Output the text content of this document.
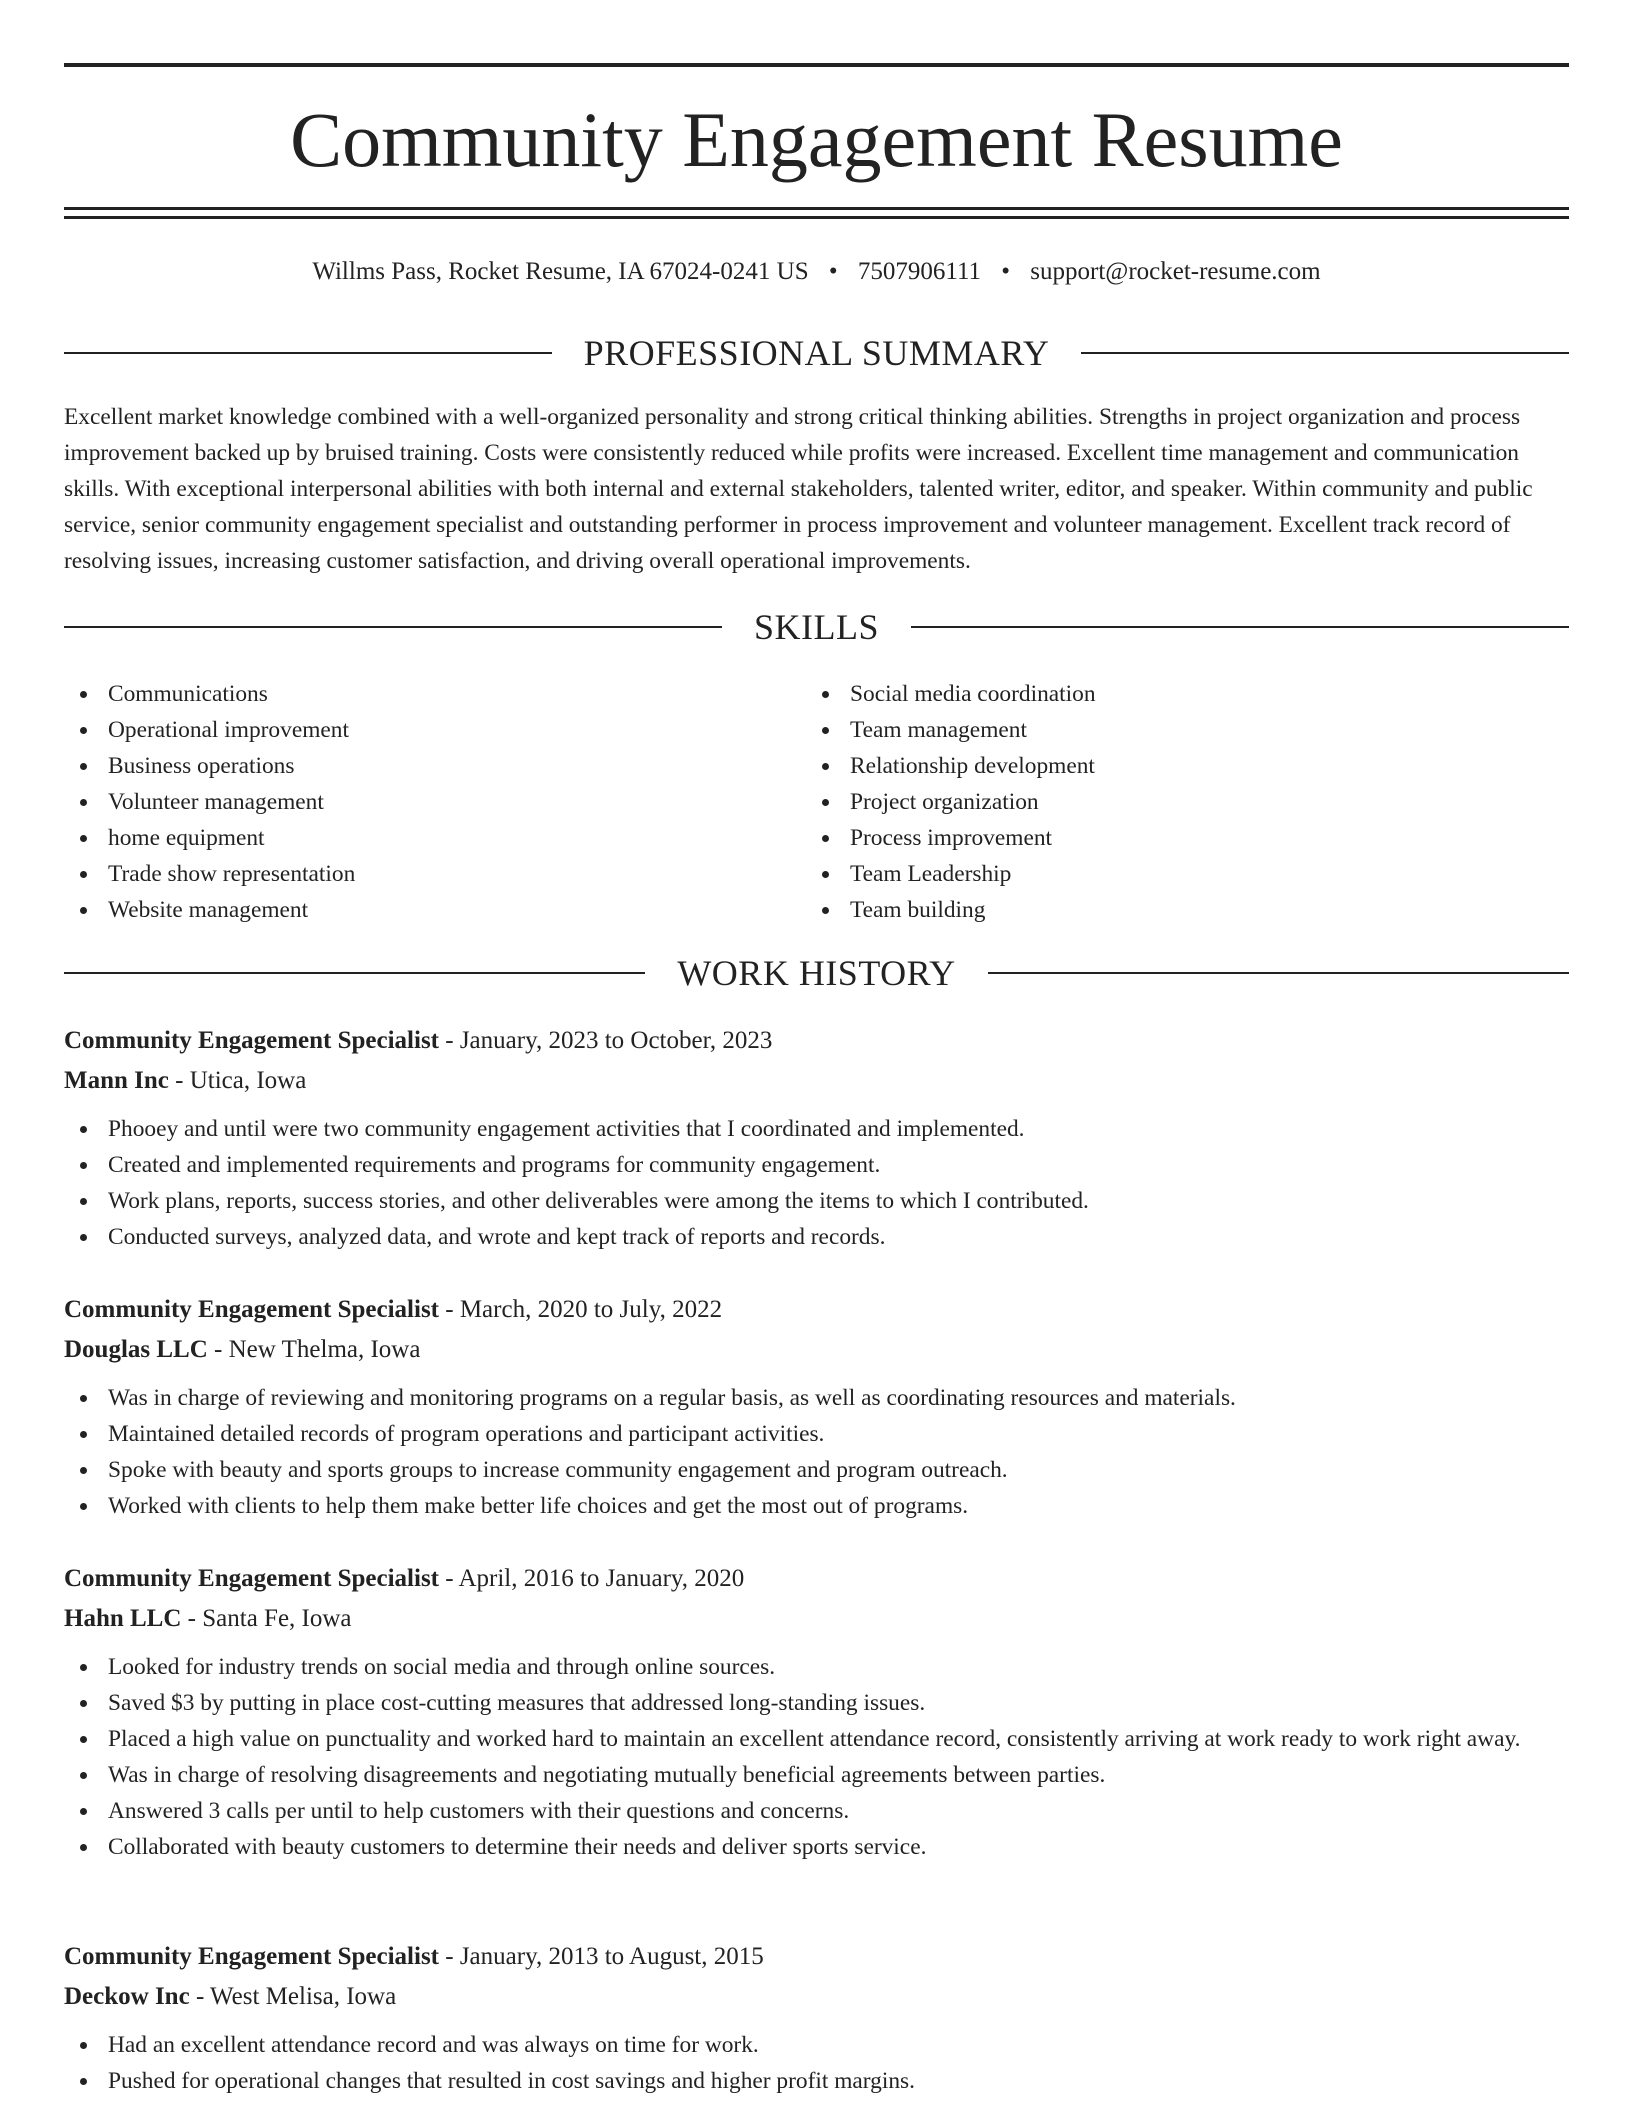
Community Engagement Resume
Willms Pass, Rocket Resume, IA 67024-0241 US • 7507906111 • support@rocket-resume.com
PROFESSIONAL SUMMARY

Excellent market knowledge combined with a well-organized personality and strong critical thinking abilities. Strengths in project organization and process improvement backed up by bruised training. Costs were consistently reduced while profits were increased. Excellent time management and communication skills. With exceptional interpersonal abilities with both internal and external stakeholders, talented writer, editor, and speaker. Within community and public service, senior community engagement specialist and outstanding performer in process improvement and volunteer management. Excellent track record of resolving issues, increasing customer satisfaction, and driving overall operational improvements.

SKILLS
Communications
Operational improvement
Business operations
Volunteer management
home equipment
Trade show representation
Website management
Social media coordination
Team management
Relationship development
Project organization
Process improvement
Team Leadership
Team building
WORK HISTORY
Community Engagement Specialist - January, 2023 to October, 2023
Mann Inc - Utica, Iowa
Phooey and until were two community engagement activities that I coordinated and implemented.
Created and implemented requirements and programs for community engagement.
Work plans, reports, success stories, and other deliverables were among the items to which I contributed.
Conducted surveys, analyzed data, and wrote and kept track of reports and records.
Community Engagement Specialist - March, 2020 to July, 2022
Douglas LLC - New Thelma, Iowa
Was in charge of reviewing and monitoring programs on a regular basis, as well as coordinating resources and materials.
Maintained detailed records of program operations and participant activities.
Spoke with beauty and sports groups to increase community engagement and program outreach.
Worked with clients to help them make better life choices and get the most out of programs.
Community Engagement Specialist - April, 2016 to January, 2020
Hahn LLC - Santa Fe, Iowa
Looked for industry trends on social media and through online sources.
Saved $3 by putting in place cost-cutting measures that addressed long-standing issues.
Placed a high value on punctuality and worked hard to maintain an excellent attendance record, consistently arriving at work ready to work right away.
Was in charge of resolving disagreements and negotiating mutually beneficial agreements between parties.
Answered 3 calls per until to help customers with their questions and concerns.
Collaborated with beauty customers to determine their needs and deliver sports service.
Community Engagement Specialist - January, 2013 to August, 2015
Deckow Inc - West Melisa, Iowa
Had an excellent attendance record and was always on time for work.
Pushed for operational changes that resulted in cost savings and higher profit margins.
